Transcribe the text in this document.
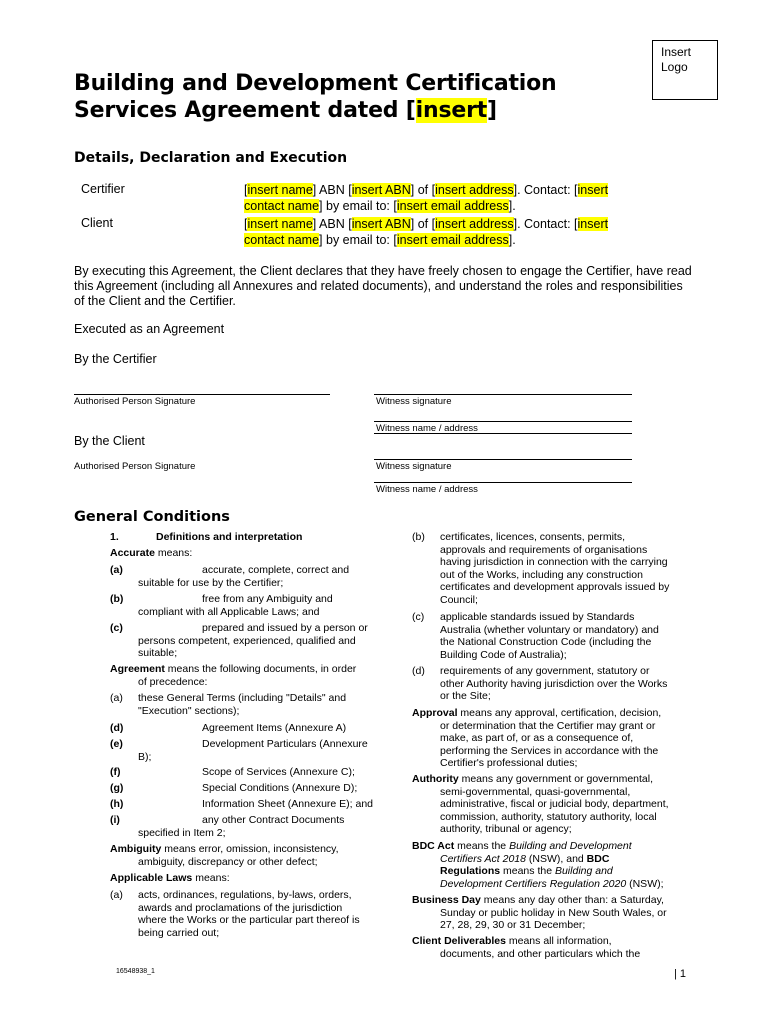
Insert
Logo
Building and Development Certification
Services Agreement dated [insert]
Details, Declaration and Execution
Certifier	[insert name] ABN [insert ABN] of [insert address]. Contact: [insert
contact name] by email to: [insert email address].
Client	[insert name] ABN [insert ABN] of [insert address]. Contact: [insert
contact name] by email to: [insert email address].
By executing this Agreement, the Client declares that they have freely chosen to engage the Certifier, have read this Agreement (including all Annexures and related documents), and understand the roles and responsibilities of the Client and the Certifier.
Executed as an Agreement
By the Certifier
Authorised Person Signature	Witness signature
Witness name / address
By the Client
Authorised Person Signature	Witness signature
Witness name / address
General Conditions
1.	Definitions and interpretation
Accurate means:
(a)	accurate, complete, correct and
suitable for use by the Certifier;
(b)	free from any Ambiguity and
compliant with all Applicable Laws; and
(c)	prepared and issued by a person or
persons competent, experienced, qualified and
suitable;
Agreement means the following documents, in order
of precedence:
(a) these General Terms (including "Details" and
"Execution" sections);
(d)	Agreement Items (Annexure A)
(e)	Development Particulars (Annexure
B);
(f)	Scope of Services (Annexure C);
(g)	Special Conditions (Annexure D);
(h)	Information Sheet (Annexure E); and
(i)	any other Contract Documents
specified in Item 2;
Ambiguity means error, omission, inconsistency,
ambiguity, discrepancy or other defect;
Applicable Laws means:
(a) acts, ordinances, regulations, by-laws, orders,
awards and proclamations of the jurisdiction
where the Works or the particular part thereof is
being carried out;
(b) certificates, licences, consents, permits,
approvals and requirements of organisations
having jurisdiction in connection with the carrying
out of the Works, including any construction
certificates and development approvals issued by
Council;
(c) applicable standards issued by Standards
Australia (whether voluntary or mandatory) and
the National Construction Code (including the
Building Code of Australia);
(d) requirements of any government, statutory or
other Authority having jurisdiction over the Works
or the Site;
Approval means any approval, certification, decision,
or determination that the Certifier may grant or
make, as part of, or as a consequence of,
performing the Services in accordance with the
Certifier's professional duties;
Authority means any government or governmental,
semi-governmental, quasi-governmental,
administrative, fiscal or judicial body, department,
commission, authority, statutory authority, local
authority, tribunal or agency;
BDC Act means the Building and Development
Certifiers Act 2018 (NSW), and BDC
Regulations means the Building and
Development Certifiers Regulation 2020 (NSW);
Business Day means any day other than: a Saturday,
Sunday or public holiday in New South Wales, or
27, 28, 29, 30 or 31 December;
Client Deliverables means all information,
documents, and other particulars which the
16548938_1	| 1
